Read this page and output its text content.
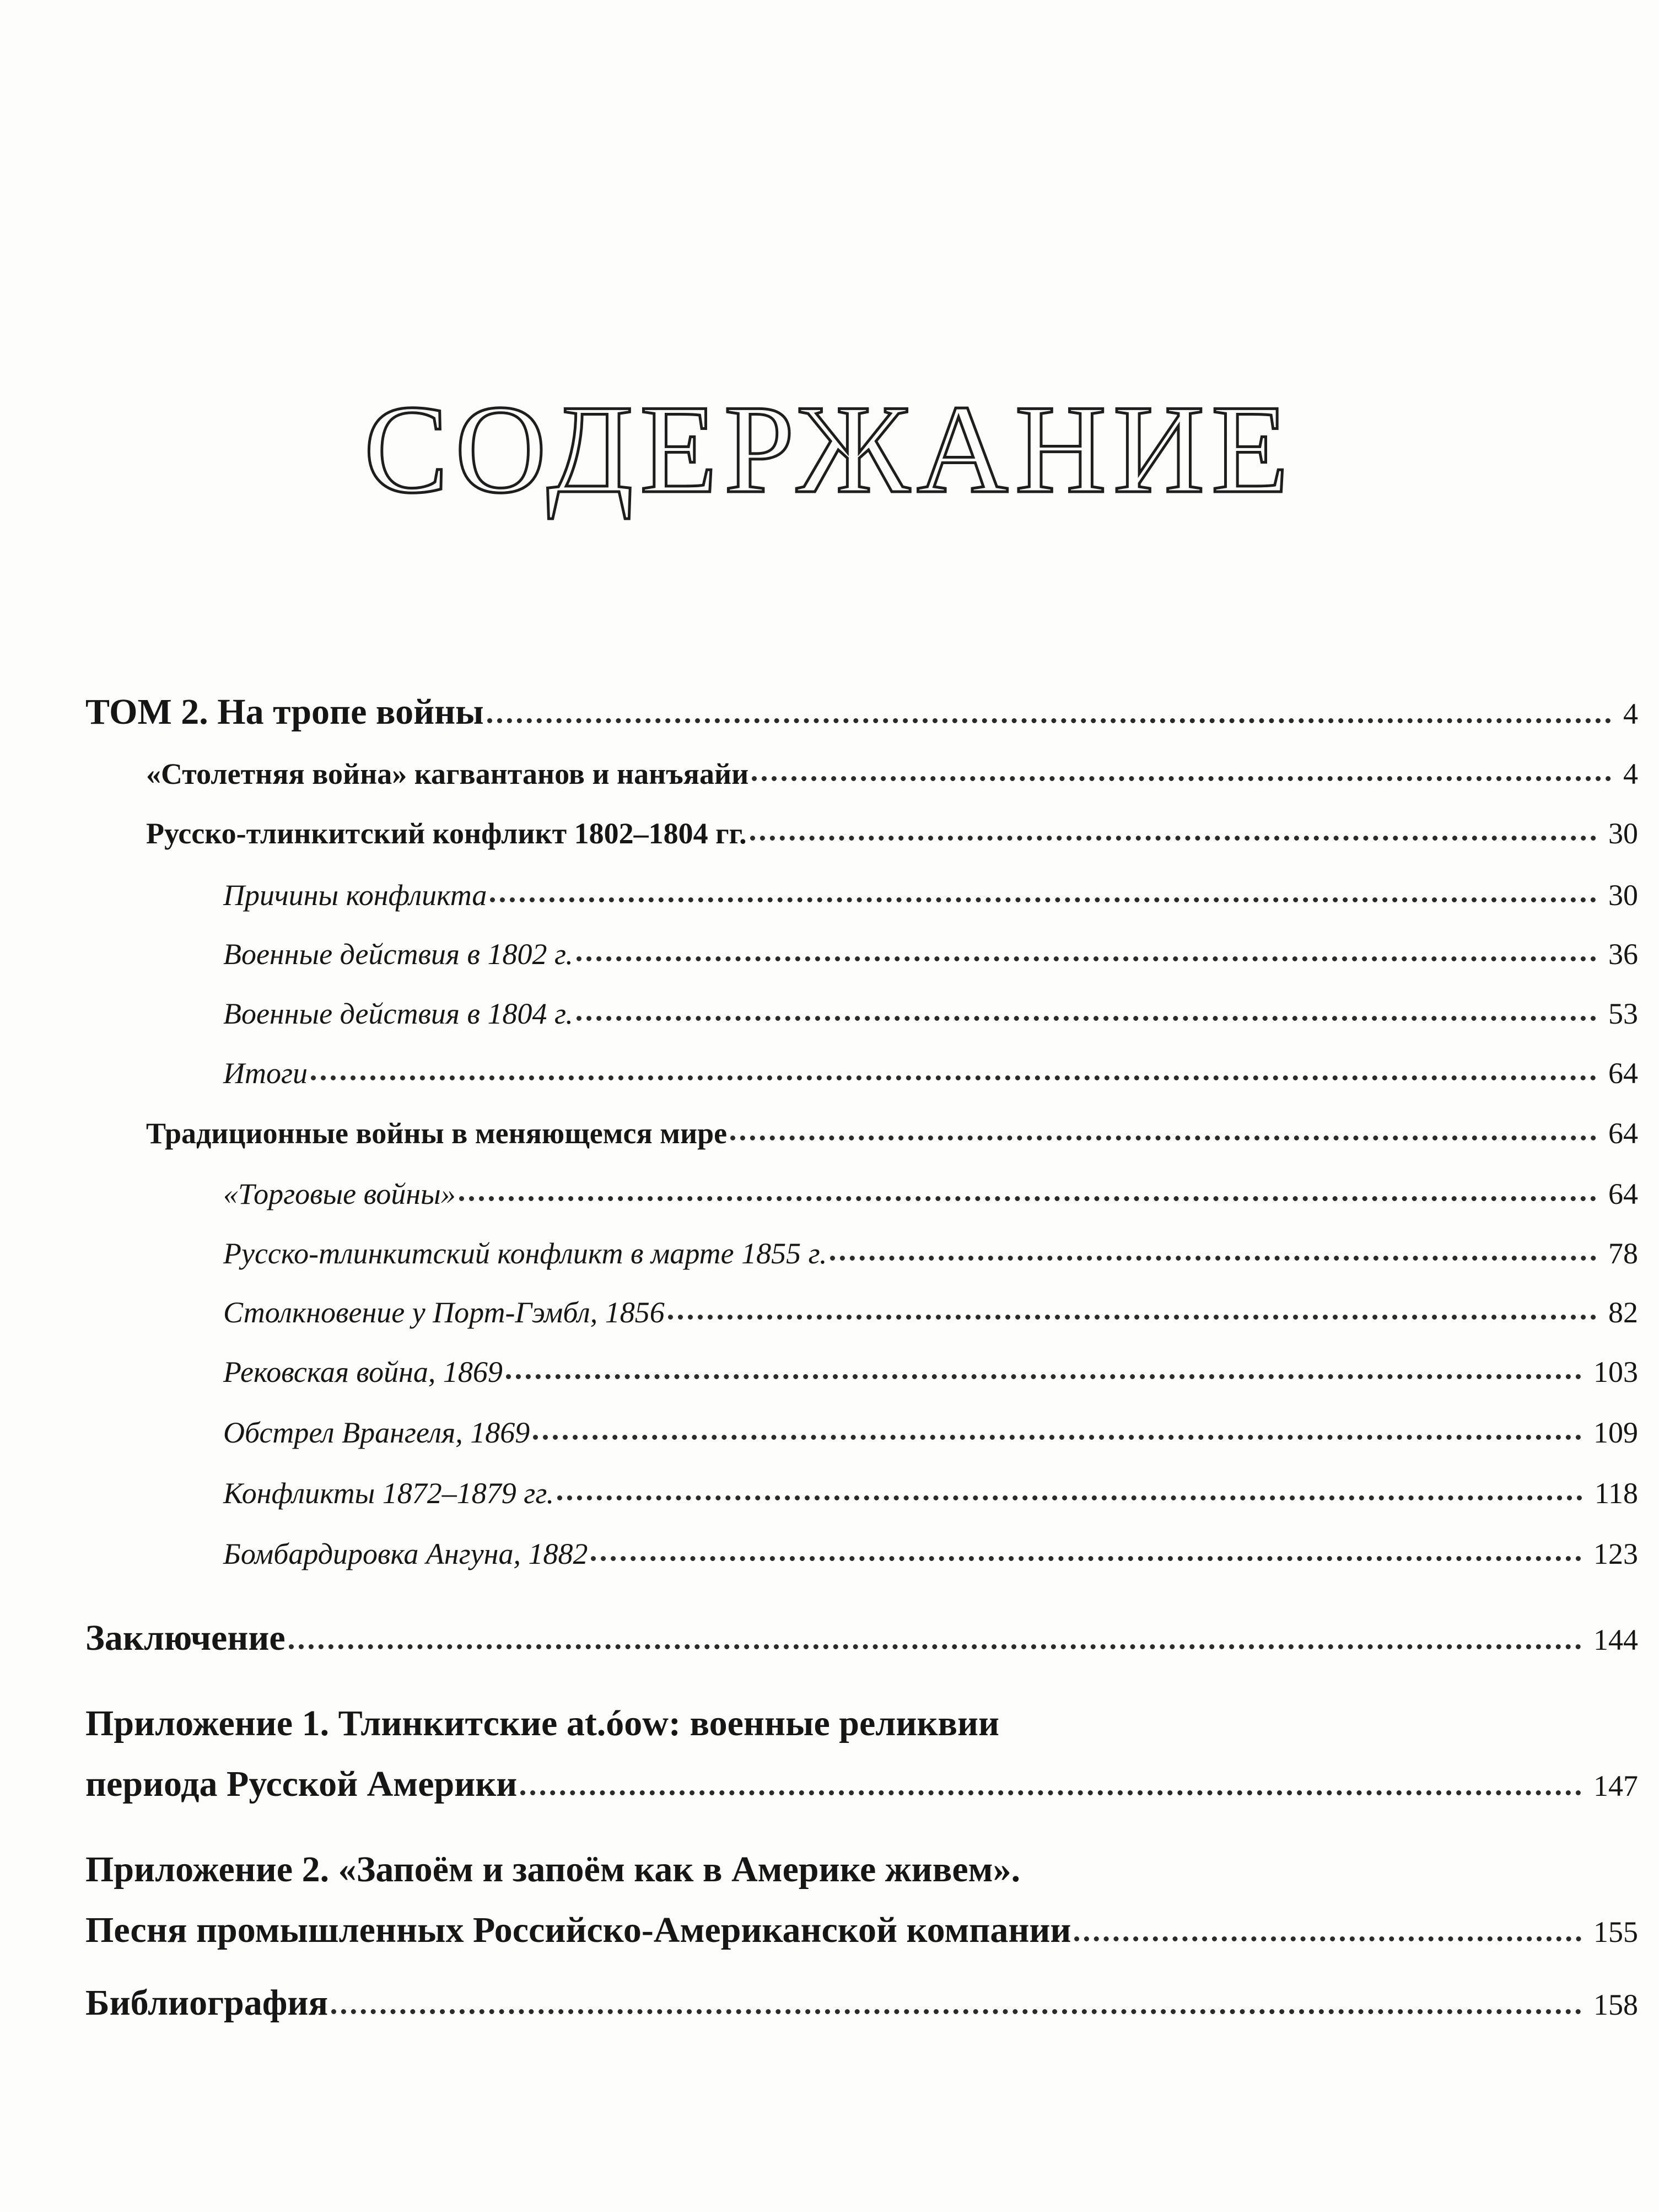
СОДЕРЖАНИЕ
ТОМ 2. На тропе войны	4
«Столетняя война» кагвантанов и нанъяайи	4
Русско-тлинкитский конфликт 1802–1804 гг.	30
Причины конфликта	30
Военные действия в 1802 г.	36
Военные действия в 1804 г.	53
Итоги	64
Традиционные войны в меняющемся мире	64
«Торговые войны»	64
Русско-тлинкитский конфликт в марте 1855 г.	78
Столкновение у Порт-Гэмбл, 1856	82
Рековская война, 1869	103
Обстрел Врангеля, 1869	109
Конфликты 1872–1879 гг.	118
Бомбардировка Ангуна, 1882	123
Заключение	144
Приложение 1. Тлинкитские at.óow: военные реликвии
периода Русской Америки	147
Приложение 2. «Запоём и запоём как в Америке живем».
Песня промышленных Российско-Американской компании	155
Библиография	158
